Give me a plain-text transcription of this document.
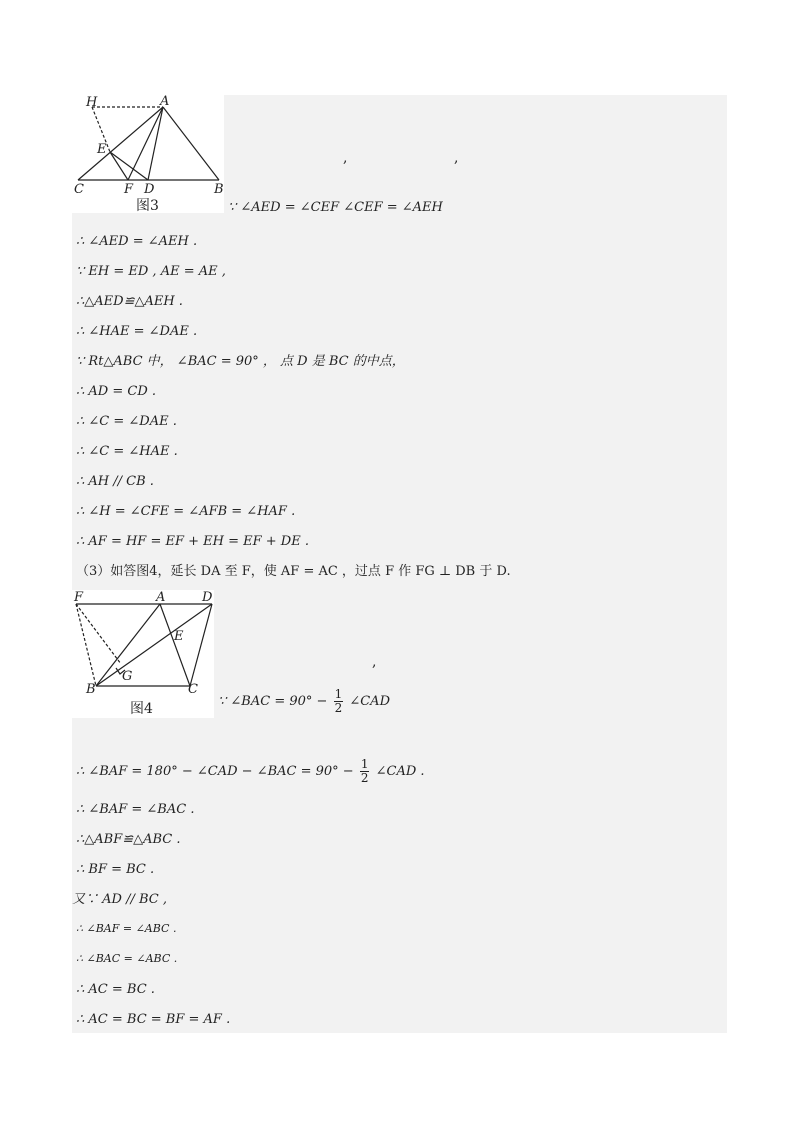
H	A
E
C	F D	B
图3
,	,
∵ ∠AED = ∠CEF ∠CEF = ∠AEH
∴ ∠AED = ∠AEH .
∵ EH = ED , AE = AE ,
∴△AED≌△AEH .
∴ ∠HAE = ∠DAE .
∵ Rt△ABC 中， ∠BAC = 90° ， 点 D 是 BC 的中点，
∴ AD = CD .
∴ ∠C = ∠DAE .
∴ ∠C = ∠HAE .
∴ AH // CB .
∴ ∠H = ∠CFE = ∠AFB = ∠HAF .
∴ AF = HF = EF + EH = EF + DE .
（3）如答图4，延长 DA 至 F，使 AF = AC ，过点 F 作 FG ⊥ DB 于 D.
F	A	D
E
G
B	C
图4
,
∵ ∠BAC = $90^\circ - \frac{1}{2}$ ∠CAD
∴ ∠BAF = 180° − ∠CAD − ∠BAC = $90^\circ - \frac{1}{2}$ ∠CAD .
∴ ∠BAF = ∠BAC .
∴△ABF≌△ABC .
∴ BF = BC .
又∵ AD // BC ,
∴ ∠BAF = ∠ABC .
∴ ∠BAC = ∠ABC .
∴ AC = BC .
∴ AC = BC = BF = AF .
